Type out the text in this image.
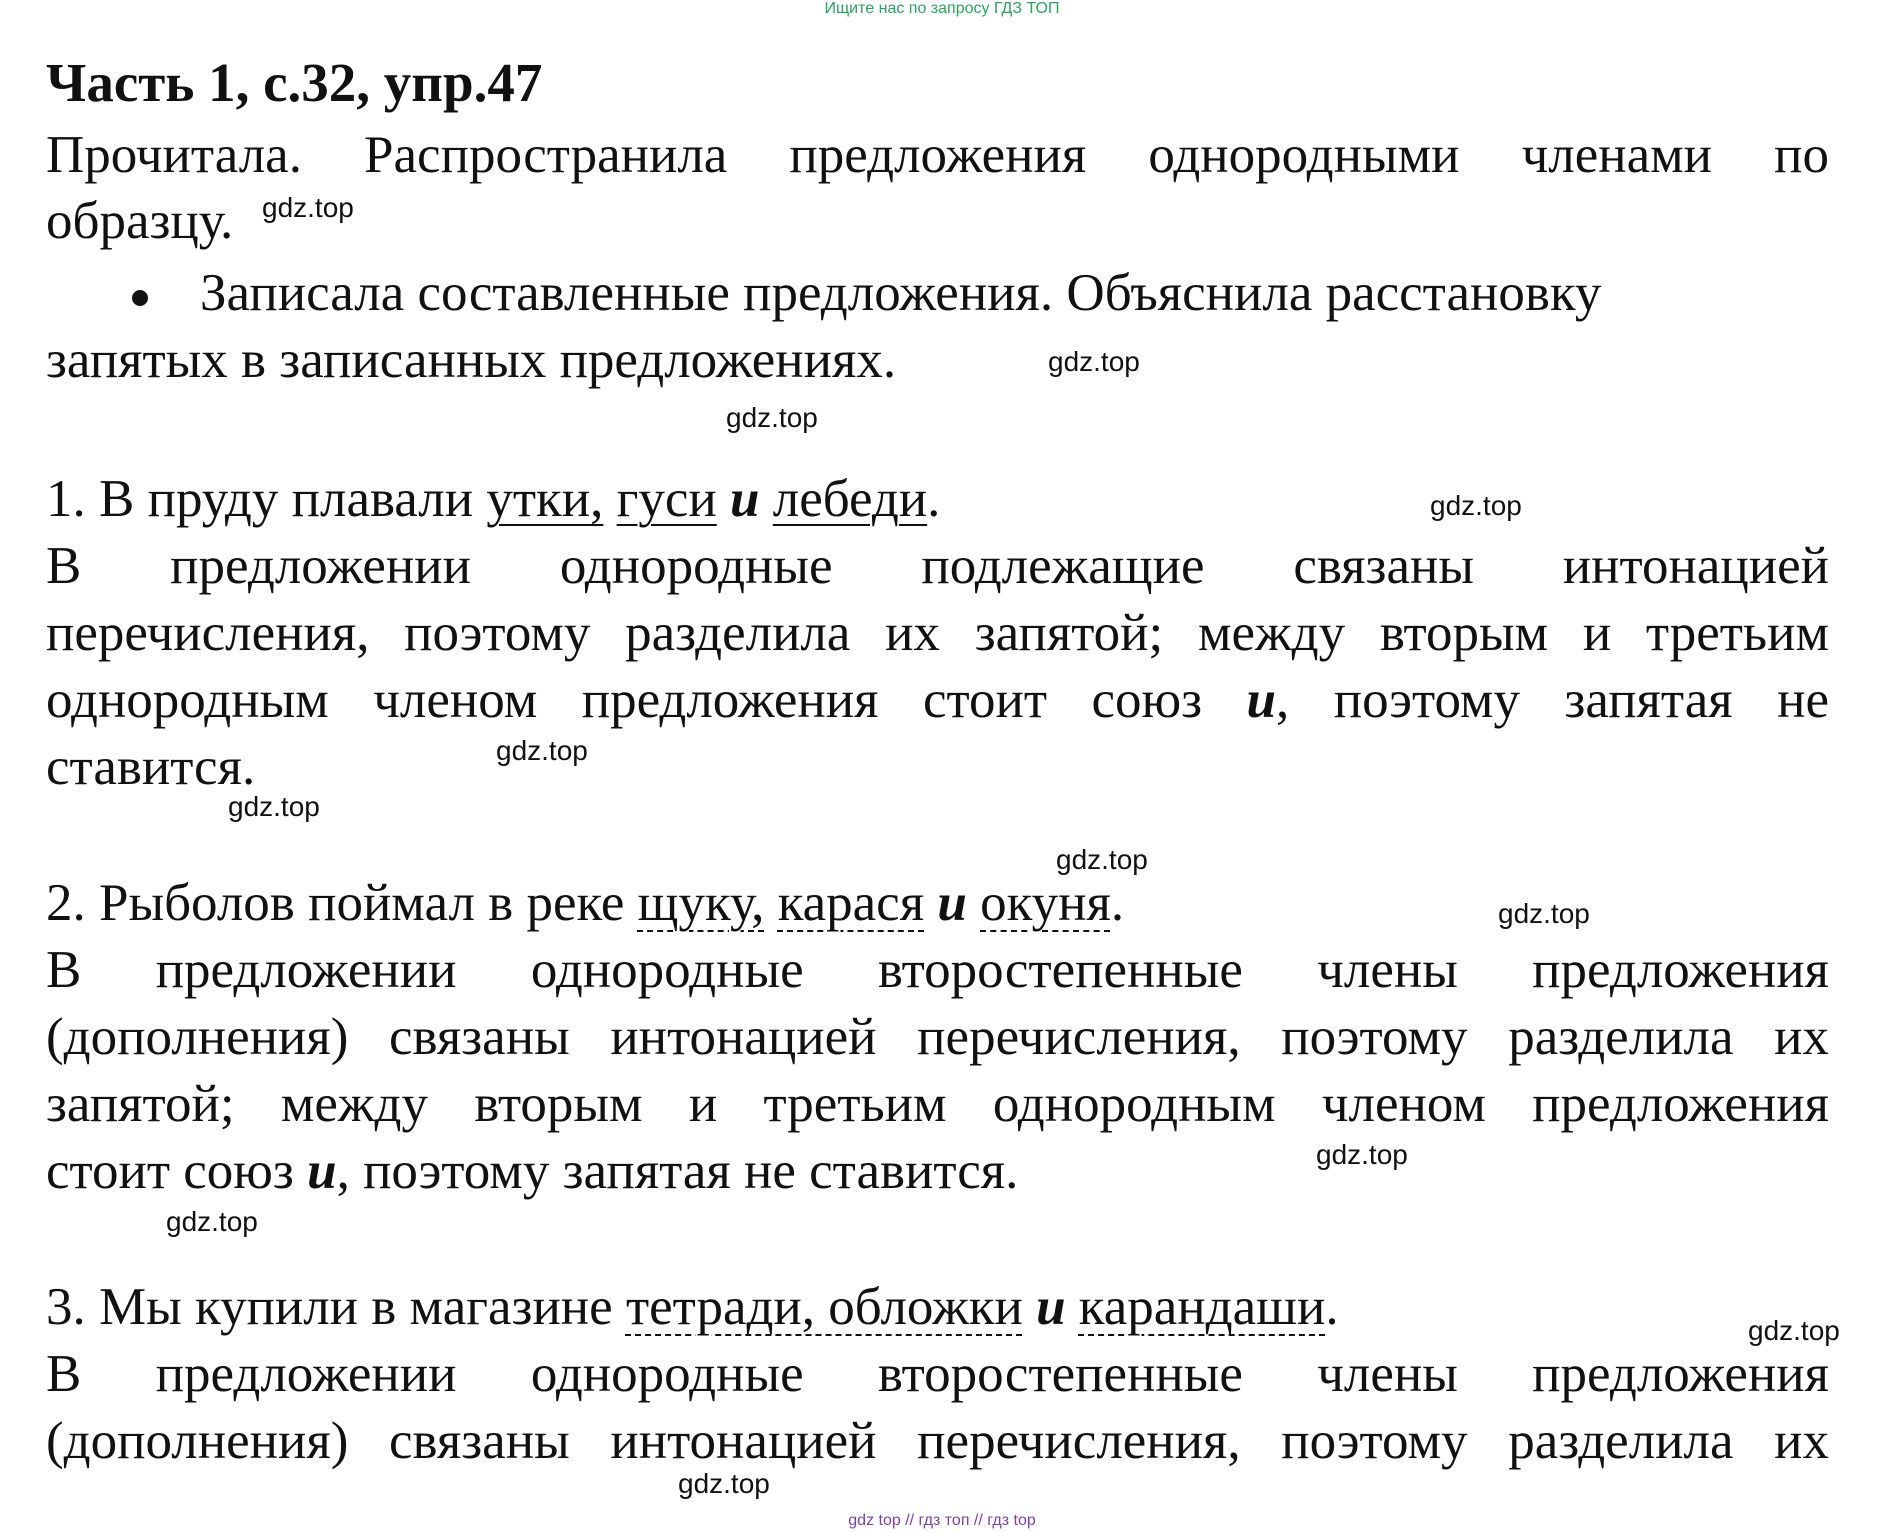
Ищите нас по запросу ГДЗ ТОП
Часть 1, с.32, упр.47
Прочитала. Распространила предложения однородными членами по
образцу.
Записала составленные предложения. Объяснила расстановку
запятых в записанных предложениях.
1. В пруду плавали утки, гуси и лебеди.
В предложении однородные подлежащие связаны интонацией
перечисления, поэтому разделила их запятой; между вторым и третьим
однородным членом предложения стоит союз и, поэтому запятая не
ставится.
2. Рыболов поймал в реке щуку, карася и окуня.
В предложении однородные второстепенные члены предложения
(дополнения) связаны интонацией перечисления, поэтому разделила их
запятой; между вторым и третьим однородным членом предложения
стоит союз и, поэтому запятая не ставится.
3. Мы купили в магазине тетради, обложки и карандаши.
В предложении однородные второстепенные члены предложения
(дополнения) связаны интонацией перечисления, поэтому разделила их
gdz.top
gdz.top
gdz.top
gdz.top
gdz.top
gdz.top
gdz.top
gdz.top
gdz.top
gdz.top
gdz.top
gdz.top
gdz top // гдз топ // гдз top
